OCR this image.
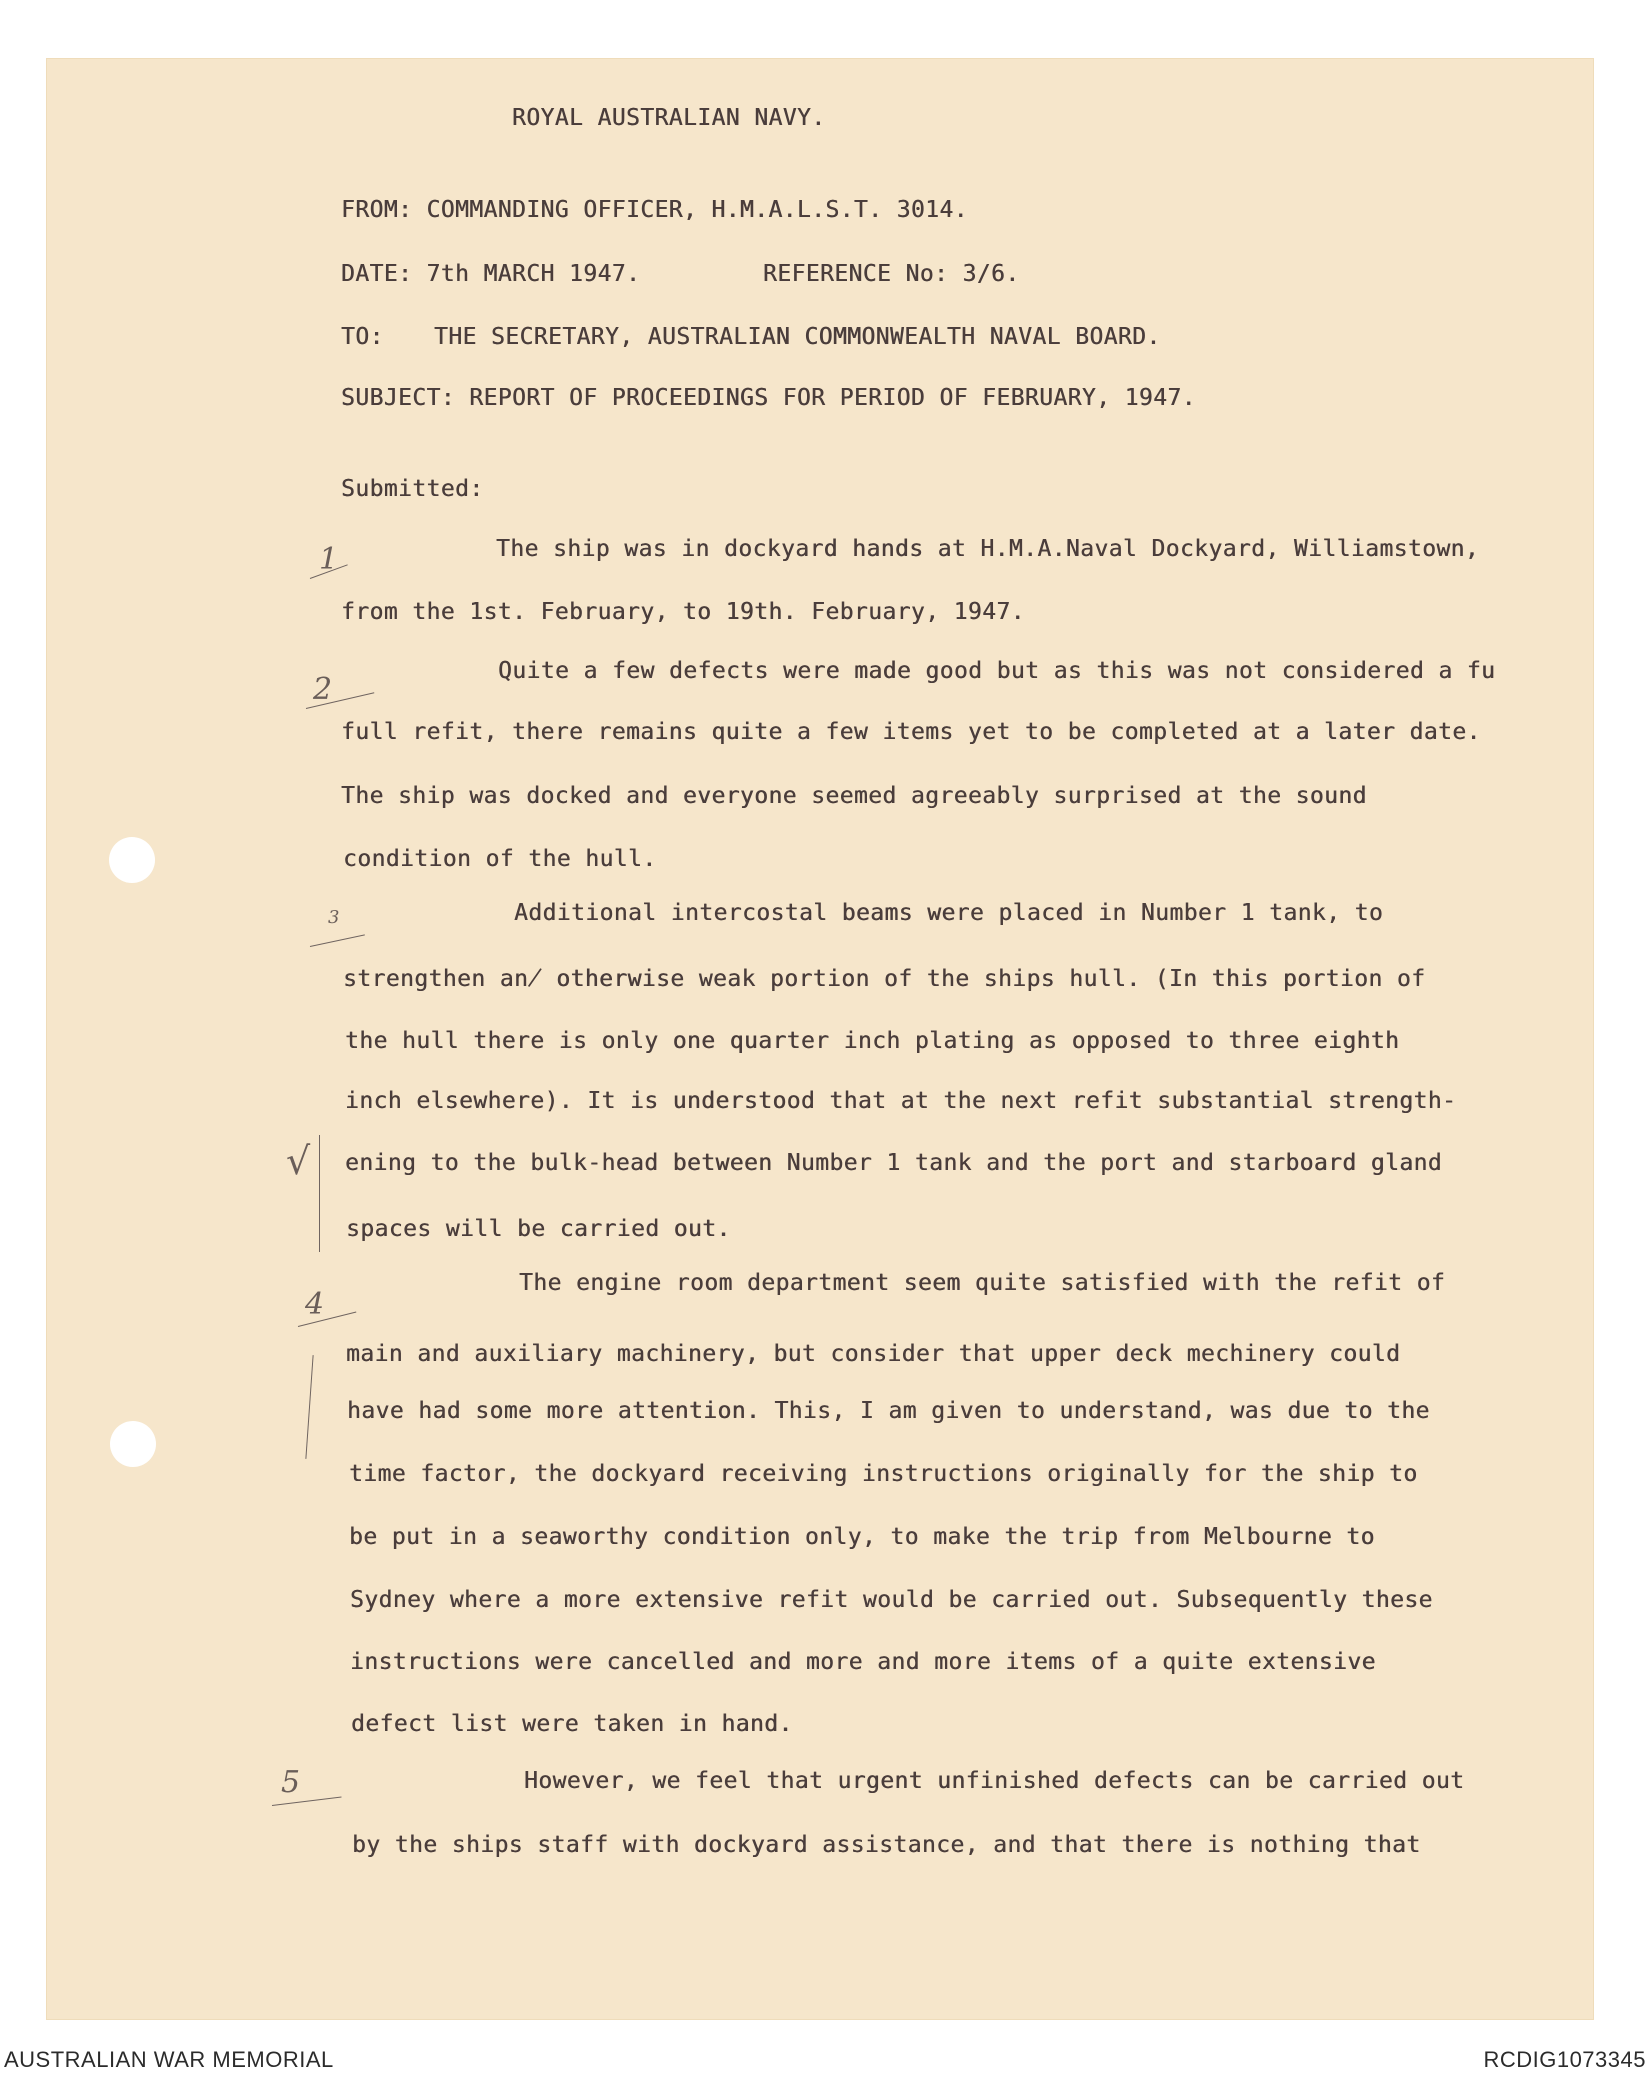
ROYAL AUSTRALIAN NAVY.
FROM: COMMANDING OFFICER, H.M.A.L.S.T. 3014.
DATE: 7th MARCH 1947.	REFERENCE No: 3/6.
TO: THE SECRETARY, AUSTRALIAN COMMONWEALTH NAVAL BOARD.
SUBJECT: REPORT OF PROCEEDINGS FOR PERIOD OF FEBRUARY, 1947.
Submitted:
The ship was in dockyard hands at H.M.A.Naval Dockyard, Williamstown,
from the 1st. February, to 19th. February, 1947.
Quite a few defects were made good but as this was not considered a fu
full refit, there remains quite a few items yet to be completed at a later date.
The ship was docked and everyone seemed agreeably surprised at the sound
condition of the hull.
Additional intercostal beams were placed in Number 1 tank, to
strengthen an̸ otherwise weak portion of the ships hull. (In this portion of
the hull there is only one quarter inch plating as opposed to three eighth
inch elsewhere). It is understood that at the next refit substantial strength-
ening to the bulk-head between Number 1 tank and the port and starboard gland
spaces will be carried out.
The engine room department seem quite satisfied with the refit of
main and auxiliary machinery, but consider that upper deck mechinery could
have had some more attention. This, I am given to understand, was due to the
time factor, the dockyard receiving instructions originally for the ship to
be put in a seaworthy condition only, to make the trip from Melbourne to
Sydney where a more extensive refit would be carried out. Subsequently these
instructions were cancelled and more and more items of a quite extensive
defect list were taken in hand.
However, we feel that urgent unfinished defects can be carried out
by the ships staff with dockyard assistance, and that there is nothing that
1
2
3
4
5
√
AUSTRALIAN WAR MEMORIAL	RCDIG1073345
